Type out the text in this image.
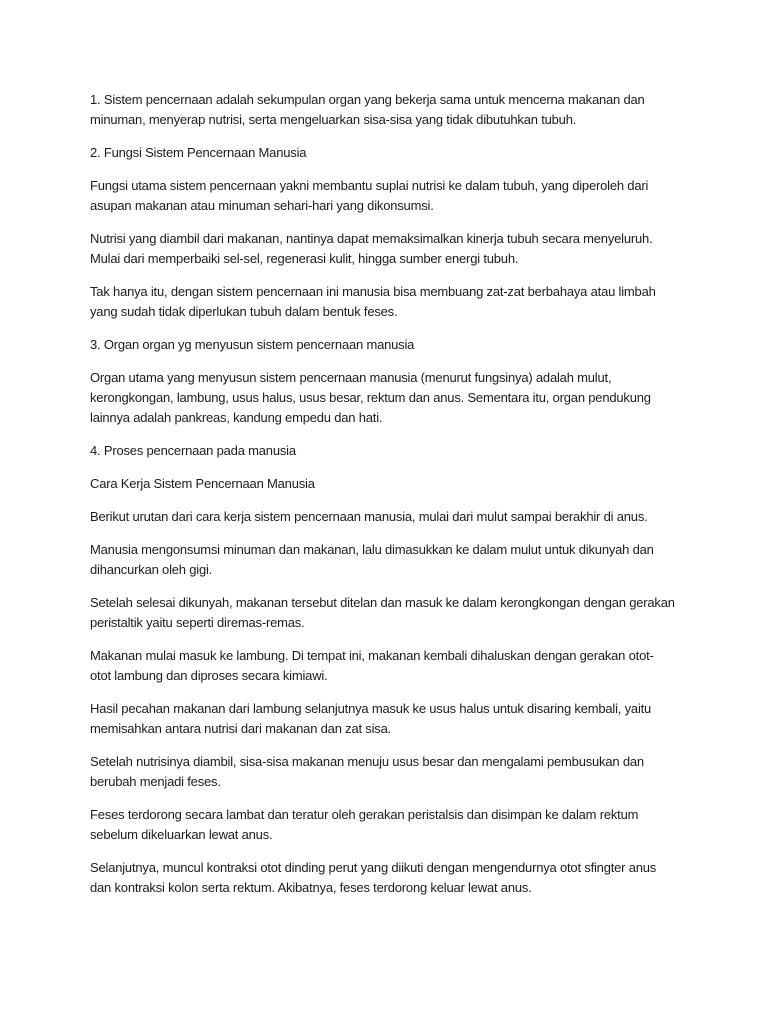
1. Sistem pencernaan adalah sekumpulan organ yang bekerja sama untuk mencerna makanan dan
minuman, menyerap nutrisi, serta mengeluarkan sisa-sisa yang tidak dibutuhkan tubuh.

2. Fungsi Sistem Pencernaan Manusia

Fungsi utama sistem pencernaan yakni membantu suplai nutrisi ke dalam tubuh, yang diperoleh dari
asupan makanan atau minuman sehari-hari yang dikonsumsi.

Nutrisi yang diambil dari makanan, nantinya dapat memaksimalkan kinerja tubuh secara menyeluruh.
Mulai dari memperbaiki sel-sel, regenerasi kulit, hingga sumber energi tubuh.

Tak hanya itu, dengan sistem pencernaan ini manusia bisa membuang zat-zat berbahaya atau limbah
yang sudah tidak diperlukan tubuh dalam bentuk feses.

3. Organ organ yg menyusun sistem pencernaan manusia

Organ utama yang menyusun sistem pencernaan manusia (menurut fungsinya) adalah mulut,
kerongkongan, lambung, usus halus, usus besar, rektum dan anus. Sementara itu, organ pendukung
lainnya adalah pankreas, kandung empedu dan hati.

4. Proses pencernaan pada manusia

Cara Kerja Sistem Pencernaan Manusia

Berikut urutan dari cara kerja sistem pencernaan manusia, mulai dari mulut sampai berakhir di anus.

Manusia mengonsumsi minuman dan makanan, lalu dimasukkan ke dalam mulut untuk dikunyah dan
dihancurkan oleh gigi.

Setelah selesai dikunyah, makanan tersebut ditelan dan masuk ke dalam kerongkongan dengan gerakan
peristaltik yaitu seperti diremas-remas.

Makanan mulai masuk ke lambung. Di tempat ini, makanan kembali dihaluskan dengan gerakan otot-
otot lambung dan diproses secara kimiawi.

Hasil pecahan makanan dari lambung selanjutnya masuk ke usus halus untuk disaring kembali, yaitu
memisahkan antara nutrisi dari makanan dan zat sisa.

Setelah nutrisinya diambil, sisa-sisa makanan menuju usus besar dan mengalami pembusukan dan
berubah menjadi feses.

Feses terdorong secara lambat dan teratur oleh gerakan peristalsis dan disimpan ke dalam rektum
sebelum dikeluarkan lewat anus.

Selanjutnya, muncul kontraksi otot dinding perut yang diikuti dengan mengendurnya otot sfingter anus
dan kontraksi kolon serta rektum. Akibatnya, feses terdorong keluar lewat anus.
